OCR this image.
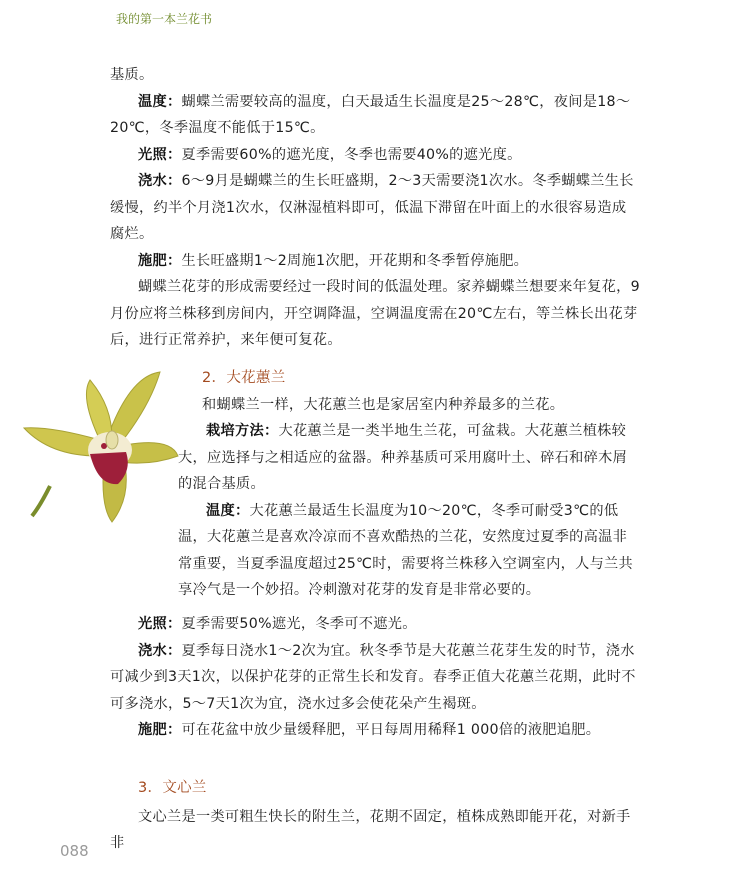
我的第一本兰花书

基质。

温度：蝴蝶兰需要较高的温度，白天最适生长温度是25～28℃，夜间是18～20℃，冬季温度不能低于15℃。

光照：夏季需要60%的遮光度，冬季也需要40%的遮光度。

浇水：6～9月是蝴蝶兰的生长旺盛期，2～3天需要浇1次水。冬季蝴蝶兰生长缓慢，约半个月浇1次水，仅淋湿植料即可，低温下滞留在叶面上的水很容易造成腐烂。

施肥：生长旺盛期1～2周施1次肥，开花期和冬季暂停施肥。

蝴蝶兰花芽的形成需要经过一段时间的低温处理。家养蝴蝶兰想要来年复花，9月份应将兰株移到房间内，开空调降温，空调温度需在20℃左右，等兰株长出花芽后，进行正常养护，来年便可复花。

2．大花蕙兰

和蝴蝶兰一样，大花蕙兰也是家居室内种养最多的兰花。

栽培方法：大花蕙兰是一类半地生兰花，可盆栽。大花蕙兰植株较大，应选择与之相适应的盆器。种养基质可采用腐叶土、碎石和碎木屑的混合基质。

温度：大花蕙兰最适生长温度为10～20℃，冬季可耐受3℃的低温，大花蕙兰是喜欢冷凉而不喜欢酷热的兰花，安然度过夏季的高温非常重要，当夏季温度超过25℃时，需要将兰株移入空调室内，人与兰共享冷气是一个妙招。冷刺激对花芽的发育是非常必要的。

光照：夏季需要50%遮光，冬季可不遮光。

浇水：夏季每日浇水1～2次为宜。秋冬季节是大花蕙兰花芽生发的时节，浇水可减少到3天1次，以保护花芽的正常生长和发育。春季正值大花蕙兰花期，此时不可多浇水，5～7天1次为宜，浇水过多会使花朵产生褐斑。

施肥：可在花盆中放少量缓释肥，平日每周用稀释1 000倍的液肥追肥。

3．文心兰

文心兰是一类可粗生快长的附生兰，花期不固定，植株成熟即能开花，对新手非

088
